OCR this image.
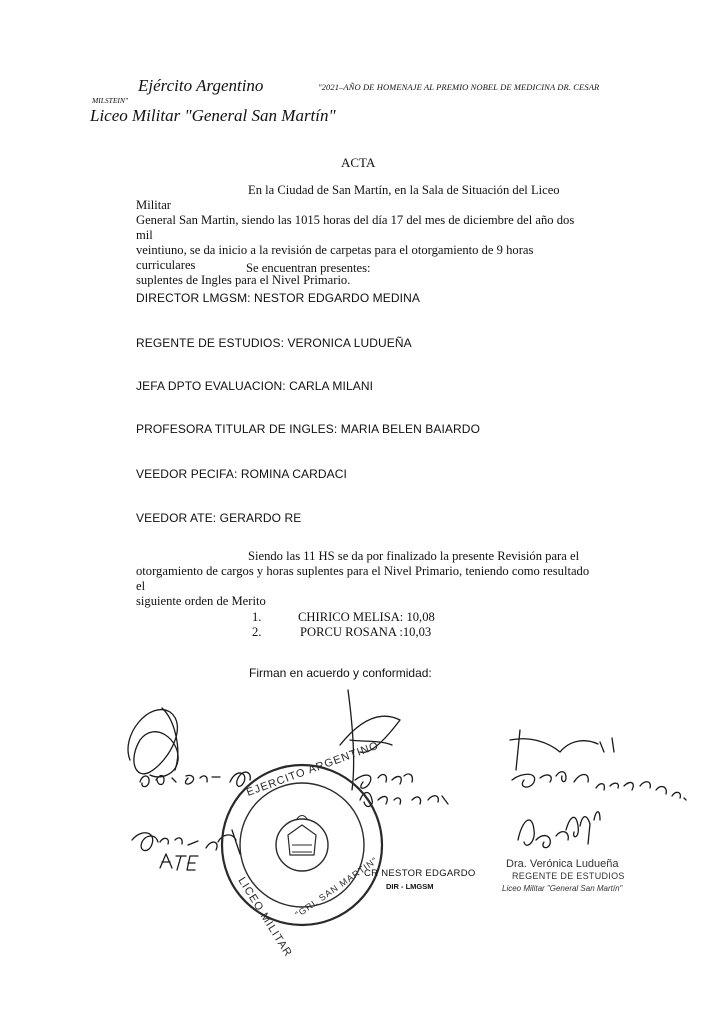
Ejército Argentino	"2021–AÑO DE HOMENAJE AL PREMIO NOBEL DE MEDICINA DR. CESAR
MILSTEIN"
Liceo Militar "General San Martín"
ACTA
En la Ciudad de San Martín, en la Sala de Situación del Liceo Militar
General San Martin, siendo las 1015 horas del día 17 del mes de diciembre del año dos mil
veintiuno, se da inicio a la revisión de carpetas para el otorgamiento de 9 horas curriculares
suplentes de Ingles para el Nivel Primario.
Se encuentran presentes:
DIRECTOR LMGSM: NESTOR EDGARDO MEDINA
REGENTE DE ESTUDIOS: VERONICA LUDUEÑA
JEFA DPTO EVALUACION: CARLA MILANI
PROFESORA TITULAR DE INGLES: MARIA BELEN BAIARDO
VEEDOR PECIFA: ROMINA CARDACI
VEEDOR ATE: GERARDO RE
Siendo las 11 HS se da por finalizado la presente Revisión para el
otorgamiento de cargos y horas suplentes para el Nivel Primario, teniendo como resultado el
siguiente orden de Merito
1.	CHIRICO MELISA: 10,08
2.	PORCU ROSANA :10,03
Firman en acuerdo y conformidad:
EJERCITO ARGENTINO
LICEO MILITAR "GRL SAN MARTIN"
CR NESTOR EDGARDO
DIR - LMGSM
Dra. Verónica Ludueña
REGENTE DE ESTUDIOS
Liceo Militar "General San Martín"
